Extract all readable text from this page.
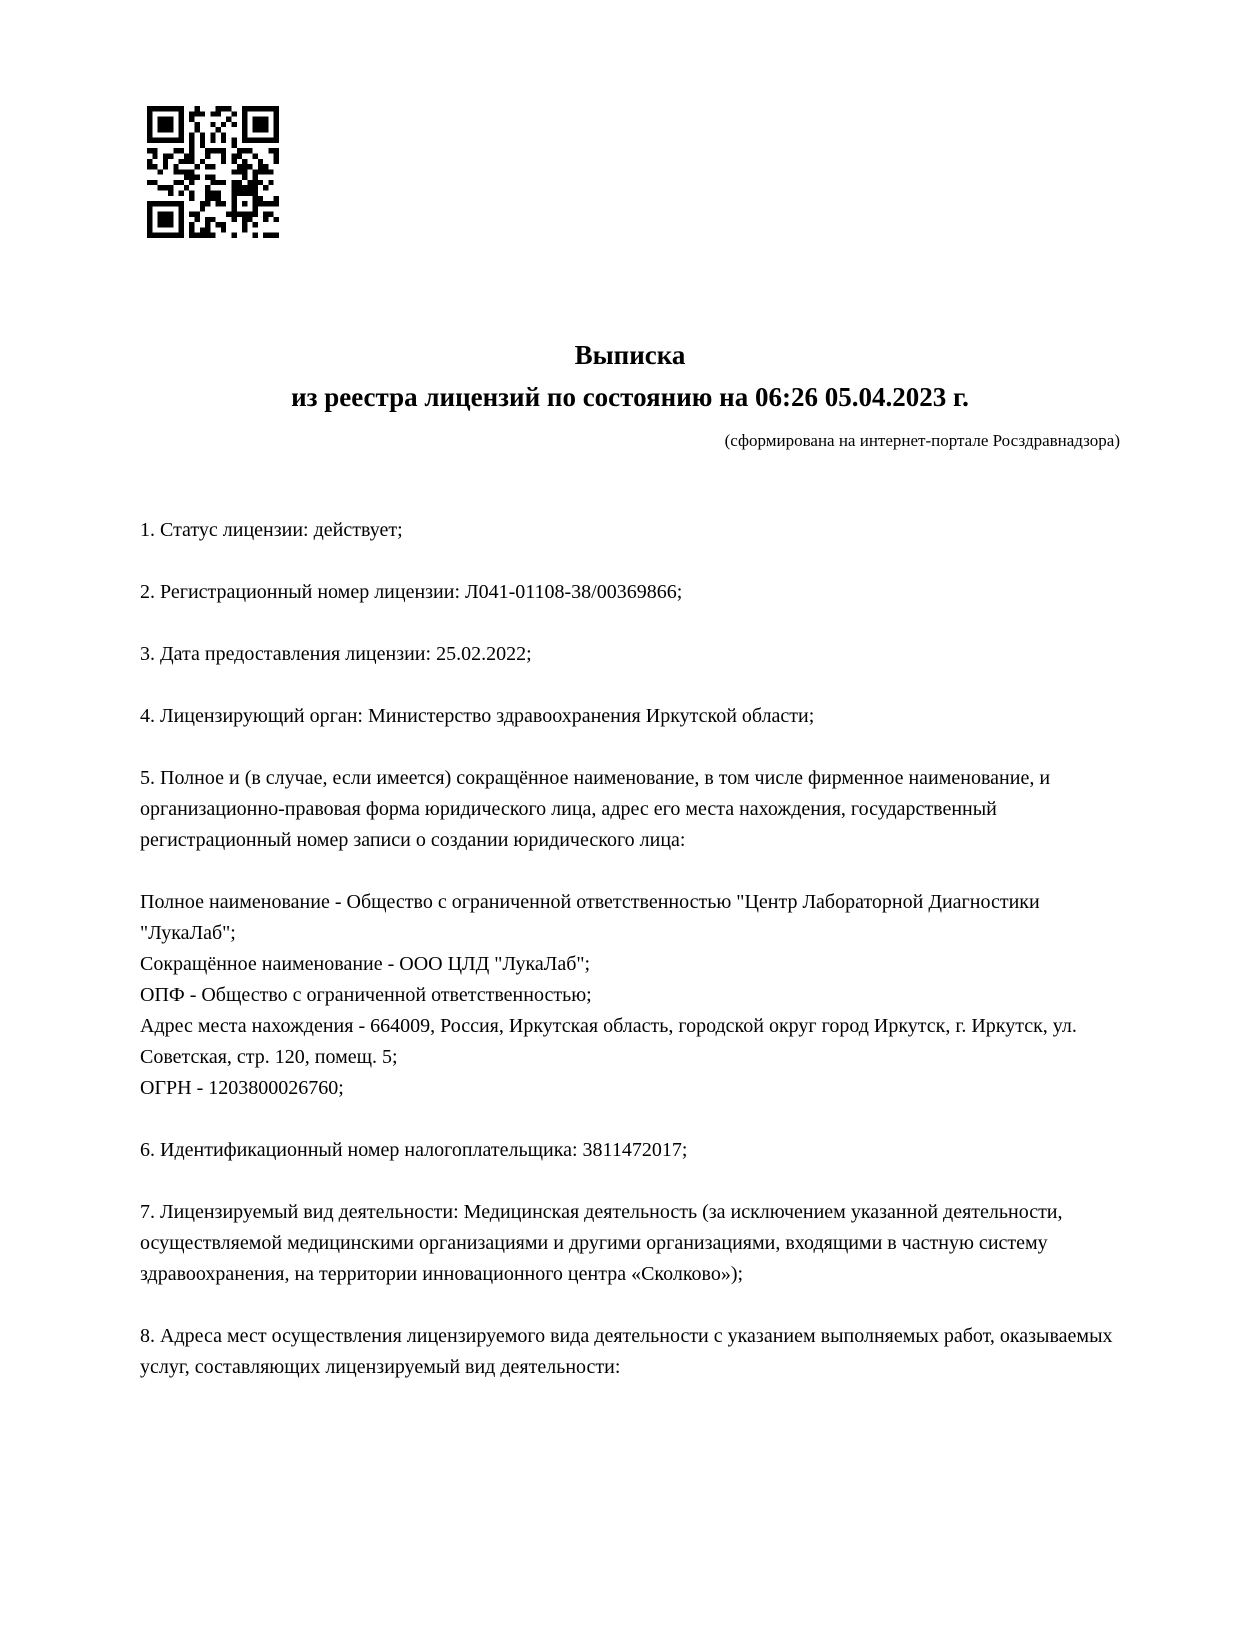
Выписка
из реестра лицензий по состоянию на 06:26 05.04.2023 г.
(сформирована на интернет-портале Росздравнадзора)

1. Статус лицензии: действует;

2. Регистрационный номер лицензии: Л041-01108-38/00369866;

3. Дата предоставления лицензии: 25.02.2022;

4. Лицензирующий орган: Министерство здравоохранения Иркутской области;

5. Полное и (в случае, если имеется) сокращённое наименование, в том числе фирменное наименование, и организационно-правовая форма юридического лица, адрес его места нахождения, государственный регистрационный номер записи о создании юридического лица:

Полное наименование - Общество с ограниченной ответственностью "Центр Лабораторной Диагностики "ЛукаЛаб";

Сокращённое наименование - ООО ЦЛД "ЛукаЛаб";

ОПФ - Общество с ограниченной ответственностью;

Адрес места нахождения - 664009, Россия, Иркутская область, городской округ город Иркутск, г. Иркутск, ул. Советская, стр. 120, помещ. 5;

ОГРН - 1203800026760;

6. Идентификационный номер налогоплательщика: 3811472017;

7. Лицензируемый вид деятельности: Медицинская деятельность (за исключением указанной деятельности, осуществляемой медицинскими организациями и другими организациями, входящими в частную систему здравоохранения, на территории инновационного центра «Сколково»);

8. Адреса мест осуществления лицензируемого вида деятельности с указанием выполняемых работ, оказываемых услуг, составляющих лицензируемый вид деятельности:
